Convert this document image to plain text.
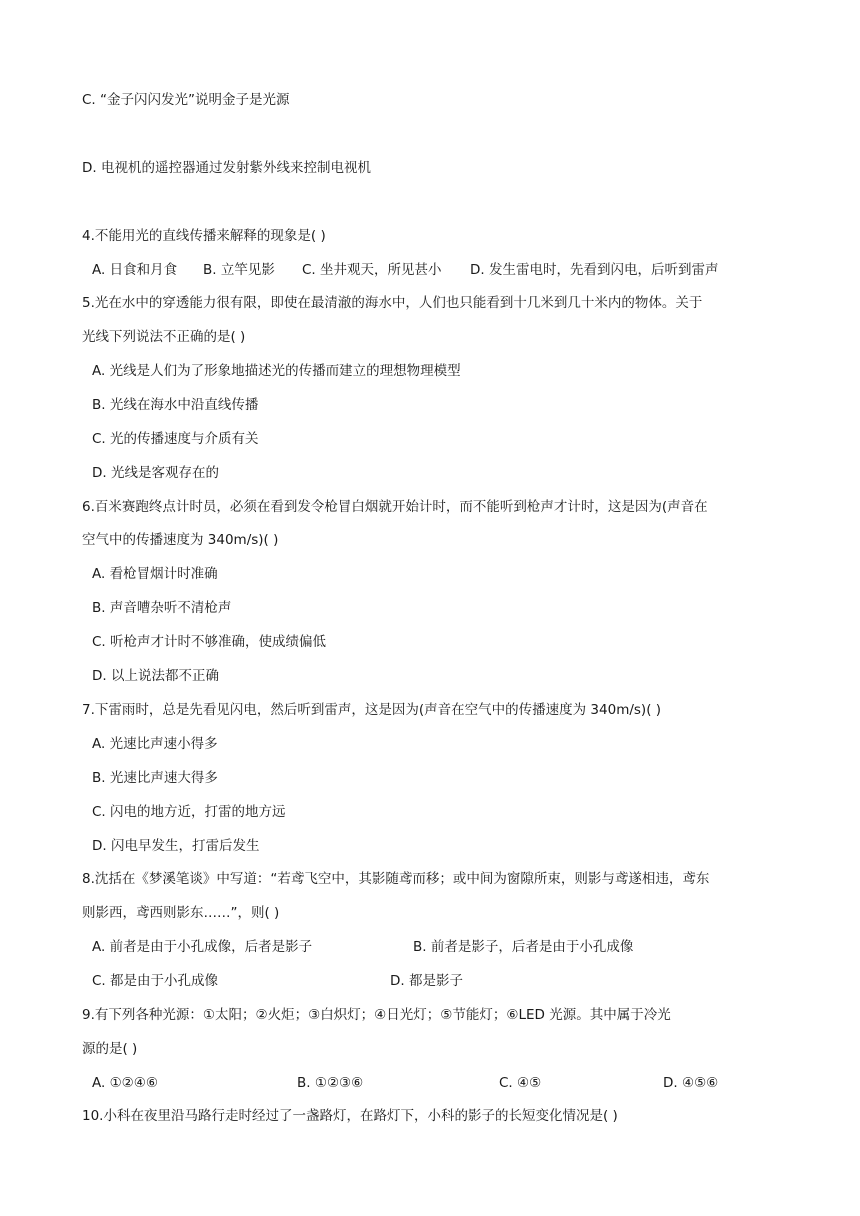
C. “金子闪闪发光”说明金子是光源
D. 电视机的遥控器通过发射紫外线来控制电视机
4.不能用光的直线传播来解释的现象是( )
A. 日食和月食 B. 立竿见影 C. 坐井观天，所见甚小 D. 发生雷电时，先看到闪电，后听到雷声
5.光在水中的穿透能力很有限，即使在最清澈的海水中，人们也只能看到十几米到几十米内的物体。关于
光线下列说法不正确的是( )
A. 光线是人们为了形象地描述光的传播而建立的理想物理模型
B. 光线在海水中沿直线传播
C. 光的传播速度与介质有关
D. 光线是客观存在的
6.百米赛跑终点计时员，必须在看到发令枪冒白烟就开始计时，而不能听到枪声才计时，这是因为(声音在
空气中的传播速度为 340m/s)( )
A. 看枪冒烟计时准确
B. 声音嘈杂听不清枪声
C. 听枪声才计时不够准确，使成绩偏低
D. 以上说法都不正确
7.下雷雨时，总是先看见闪电，然后听到雷声，这是因为(声音在空气中的传播速度为 340m/s)( )
A. 光速比声速小得多
B. 光速比声速大得多
C. 闪电的地方近，打雷的地方远
D. 闪电早发生，打雷后发生
8.沈括在《梦溪笔谈》中写道：“若鸢飞空中，其影随鸢而移；或中间为窗隙所束，则影与鸢遂相违，鸢东
则影西，鸢西则影东……”，则( )
A. 前者是由于小孔成像，后者是影子	B. 前者是影子，后者是由于小孔成像
C. 都是由于小孔成像	D. 都是影子
9.有下列各种光源：①太阳；②火炬；③白炽灯；④日光灯；⑤节能灯；⑥LED 光源。其中属于冷光
源的是( )
A. ①②④⑥	B. ①②③⑥	C. ④⑤	D. ④⑤⑥
10.小科在夜里沿马路行走时经过了一盏路灯，在路灯下，小科的影子的长短变化情况是( )
